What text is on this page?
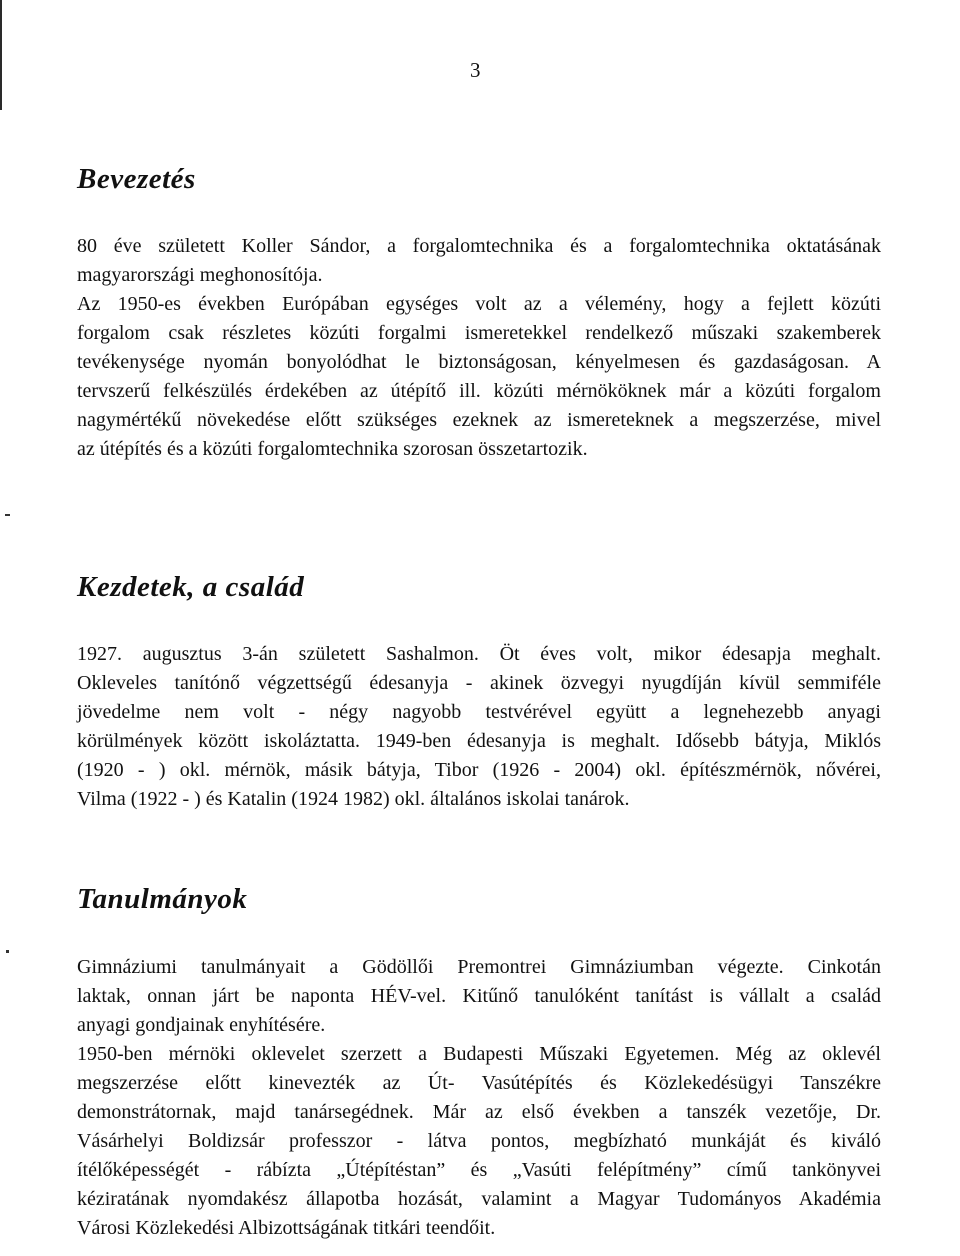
3
Bevezetés

80 éve született Koller Sándor, a forgalomtechnika és a forgalomtechnika oktatásának
magyarországi meghonosítója.

Az 1950-es években Európában egységes volt az a vélemény, hogy a fejlett közúti
forgalom csak részletes közúti forgalmi ismeretekkel rendelkező műszaki szakemberek
tevékenysége nyomán bonyolódhat le biztonságosan, kényelmesen és gazdaságosan. A
tervszerű felkészülés érdekében az útépítő ill. közúti mérnököknek már a közúti forgalom
nagymértékű növekedése előtt szükséges ezeknek az ismereteknek a megszerzése, mivel
az útépítés és a közúti forgalomtechnika szorosan összetartozik.

Kezdetek, a család

1927. augusztus 3-án született Sashalmon. Öt éves volt, mikor édesapja meghalt.
Okleveles tanítónő végzettségű édesanyja - akinek özvegyi nyugdíján kívül semmiféle
jövedelme nem volt - négy nagyobb testvérével együtt a legnehezebb anyagi
körülmények között iskoláztatta. 1949-ben édesanyja is meghalt. Idősebb bátyja, Miklós
(1920 - ) okl. mérnök, másik bátyja, Tibor (1926 - 2004) okl. építészmérnök, nővérei,
Vilma (1922 - ) és Katalin (1924 1982) okl. általános iskolai tanárok.

Tanulmányok

Gimnáziumi tanulmányait a Gödöllői Premontrei Gimnáziumban végezte. Cinkotán
laktak, onnan járt be naponta HÉV-vel. Kitűnő tanulóként tanítást is vállalt a család
anyagi gondjainak enyhítésére.

1950-ben mérnöki oklevelet szerzett a Budapesti Műszaki Egyetemen. Még az oklevél
megszerzése előtt kinevezték az Út- Vasútépítés és Közlekedésügyi Tanszékre
demonstrátornak, majd tanársegédnek. Már az első években a tanszék vezetője, Dr.
Vásárhelyi Boldizsár professzor - látva pontos, megbízható munkáját és kiváló
ítélőképességét - rábízta „Útépítéstan” és „Vasúti felépítmény” című tankönyvei
kéziratának nyomdakész állapotba hozását, valamint a Magyar Tudományos Akadémia
Városi Közlekedési Albizottságának titkári teendőit.
